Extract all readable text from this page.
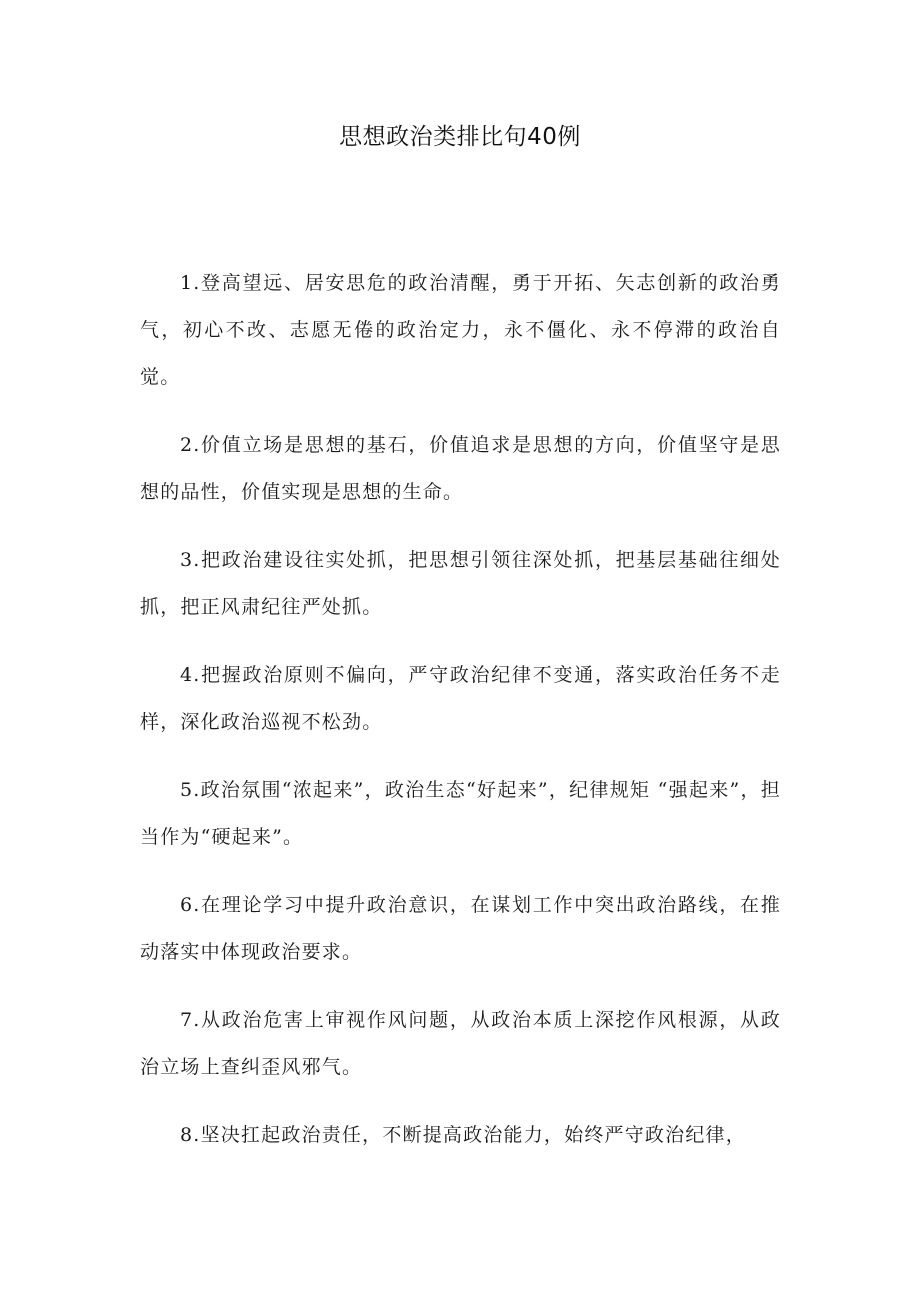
思想政治类排比句40例

1.登高望远、居安思危的政治清醒，勇于开拓、矢志创新的政治勇气，初心不改、志愿无倦的政治定力，永不僵化、永不停滞的政治自觉。

2.价值立场是思想的基石，价值追求是思想的方向，价值坚守是思想的品性，价值实现是思想的生命。

3.把政治建设往实处抓，把思想引领往深处抓，把基层基础往细处抓，把正风肃纪往严处抓。

4.把握政治原则不偏向，严守政治纪律不变通，落实政治任务不走样，深化政治巡视不松劲。

5.政治氛围“浓起来”，政治生态“好起来”，纪律规矩 “强起来”，担当作为“硬起来”。

6.在理论学习中提升政治意识，在谋划工作中突出政治路线，在推动落实中体现政治要求。

7.从政治危害上审视作风问题，从政治本质上深挖作风根源，从政治立场上查纠歪风邪气。

8.坚决扛起政治责任，不断提高政治能力，始终严守政治纪律，
